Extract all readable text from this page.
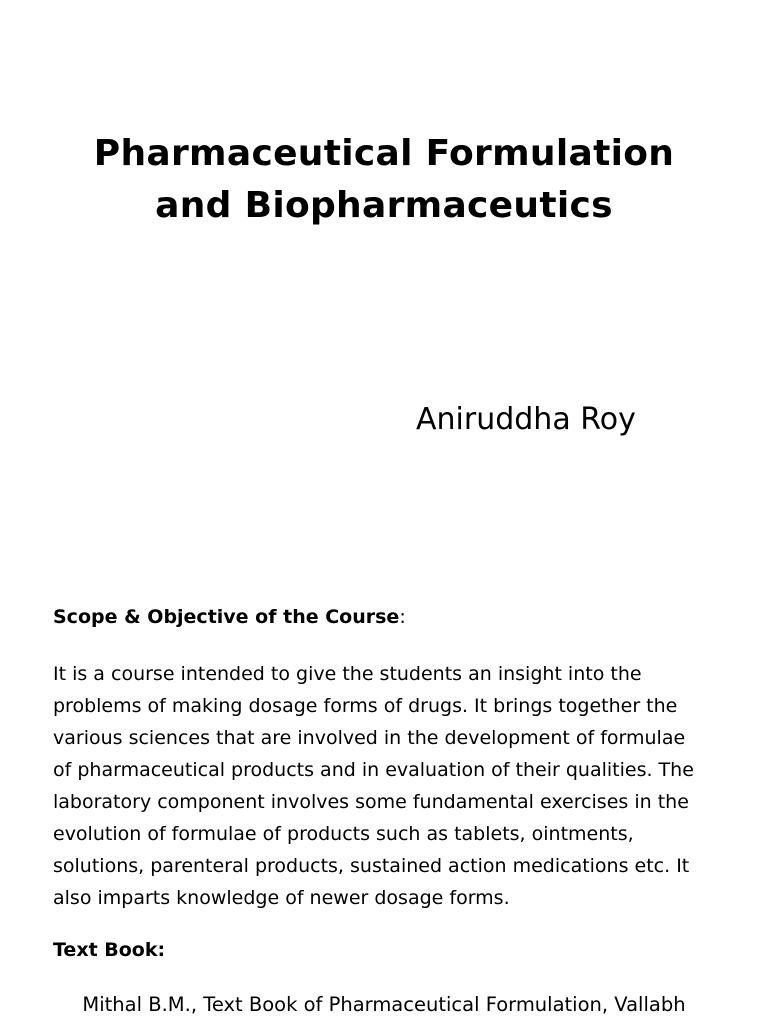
Pharmaceutical Formulation
and Biopharmaceutics
Aniruddha Roy
Scope & Objective of the Course:
It is a course intended to give the students an insight into the
problems of making dosage forms of drugs. It brings together the
various sciences that are involved in the development of formulae
of pharmaceutical products and in evaluation of their qualities. The
laboratory component involves some fundamental exercises in the
evolution of formulae of products such as tablets, ointments,
solutions, parenteral products, sustained action medications etc. It
also imparts knowledge of newer dosage forms.
Text Book:
Mithal B.M., Text Book of Pharmaceutical Formulation, Vallabh
